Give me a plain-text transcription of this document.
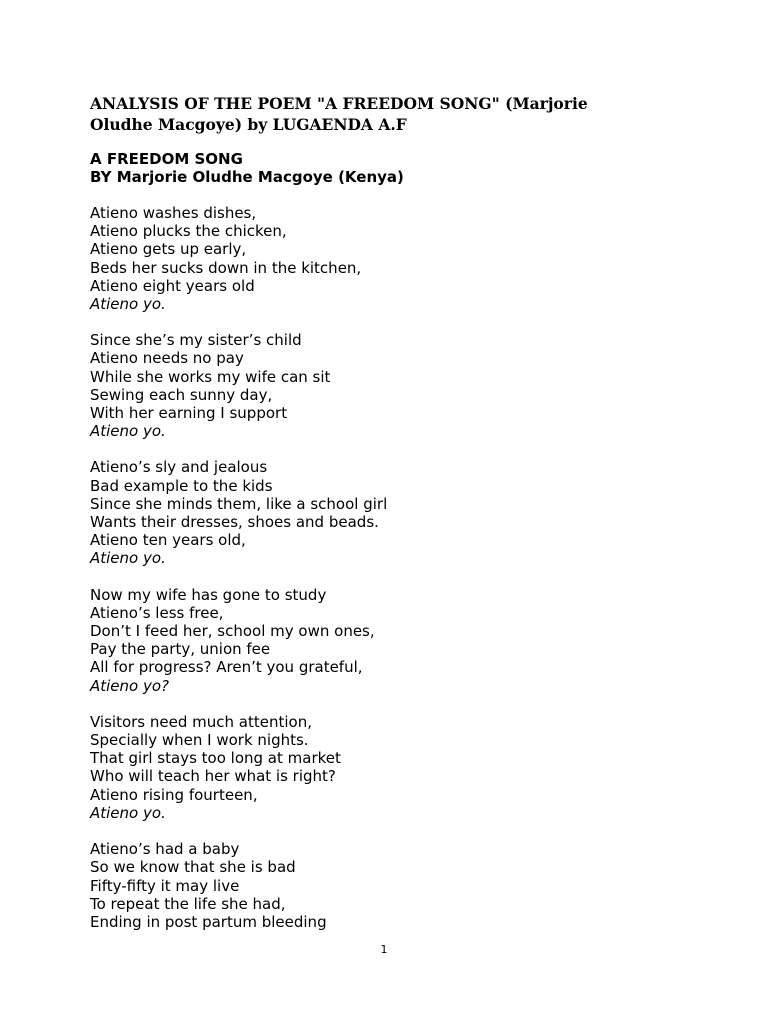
ANALYSIS OF THE POEM "A FREEDOM SONG" (Marjorie Oludhe Macgoye) by LUGAENDA A.F
A FREEDOM SONG
BY Marjorie Oludhe Macgoye (Kenya)
Atieno washes dishes,
Atieno plucks the chicken,
Atieno gets up early,
Beds her sucks down in the kitchen,
Atieno eight years old
Atieno yo.
Since she’s my sister’s child
Atieno needs no pay
While she works my wife can sit
Sewing each sunny day,
With her earning I support
Atieno yo.
Atieno’s sly and jealous
Bad example to the kids
Since she minds them, like a school girl
Wants their dresses, shoes and beads.
Atieno ten years old,
Atieno yo.
Now my wife has gone to study
Atieno’s less free,
Don’t I feed her, school my own ones,
Pay the party, union fee
All for progress? Aren’t you grateful,
Atieno yo?
Visitors need much attention,
Specially when I work nights.
That girl stays too long at market
Who will teach her what is right?
Atieno rising fourteen,
Atieno yo.
Atieno’s had a baby
So we know that she is bad
Fifty-fifty it may live
To repeat the life she had,
Ending in post partum bleeding
1
